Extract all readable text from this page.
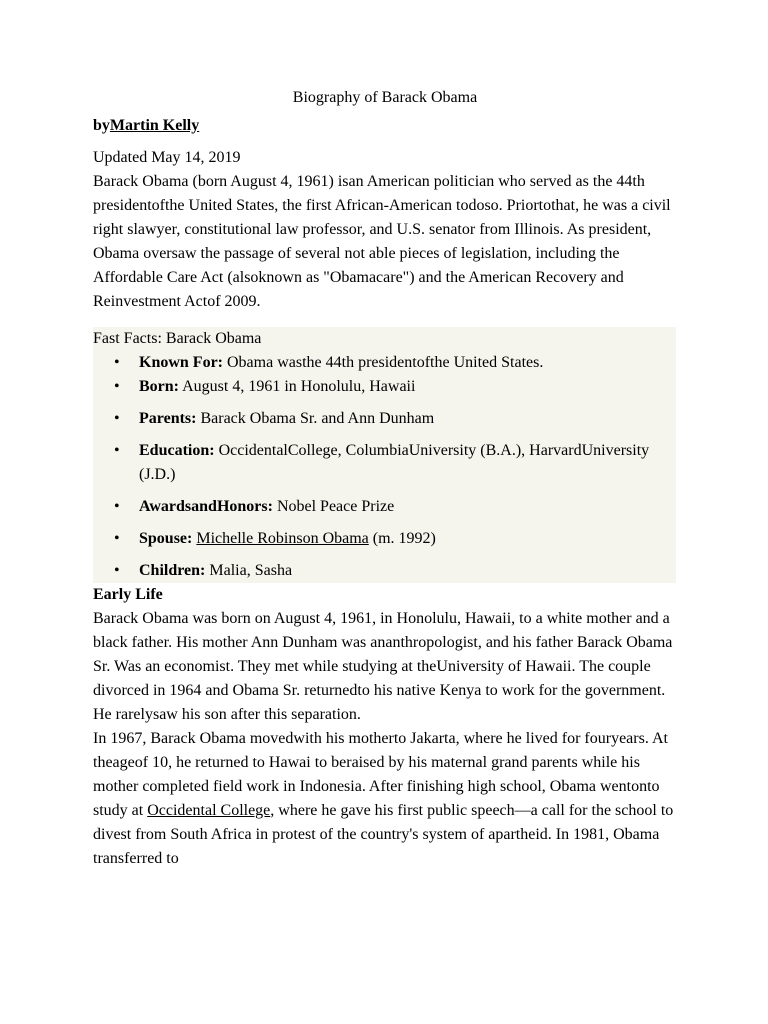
Biography of Barack Obama

byMartin Kelly

Updated May 14, 2019

Barack Obama (born August 4, 1961) isan American politician who served as the 44th presidentofthe United States, the first African-American todoso. Priortothat, he was a civil right slawyer, constitutional law professor, and U.S. senator from Illinois. As president, Obama oversaw the passage of several not able pieces of legislation, including the Affordable Care Act (alsoknown as "Obamacare") and the American Recovery and Reinvestment Actof 2009.

Fast Facts: Barack Obama

• Known For: Obama wasthe 44th presidentofthe United States.
• Born: August 4, 1961 in Honolulu, Hawaii
• Parents: Barack Obama Sr. and Ann Dunham
• Education: OccidentalCollege, ColumbiaUniversity (B.A.), HarvardUniversity (J.D.)
• AwardsandHonors: Nobel Peace Prize
• Spouse: Michelle Robinson Obama (m. 1992)
• Children: Malia, Sasha

Early Life

Barack Obama was born on August 4, 1961, in Honolulu, Hawaii, to a white mother and a black father. His mother Ann Dunham was ananthropologist, and his father Barack Obama Sr. Was an economist. They met while studying at theUniversity of Hawaii. The couple divorced in 1964 and Obama Sr. returnedto his native Kenya to work for the government. He rarelysaw his son after this separation.

In 1967, Barack Obama movedwith his motherto Jakarta, where he lived for fouryears. At theageof 10, he returned to Hawai to beraised by his maternal grand parents while his mother completed field work in Indonesia. After finishing high school, Obama wentonto study at Occidental College, where he gave his first public speech—a call for the school to divest from South Africa in protest of the country's system of apartheid. In 1981, Obama transferred to
